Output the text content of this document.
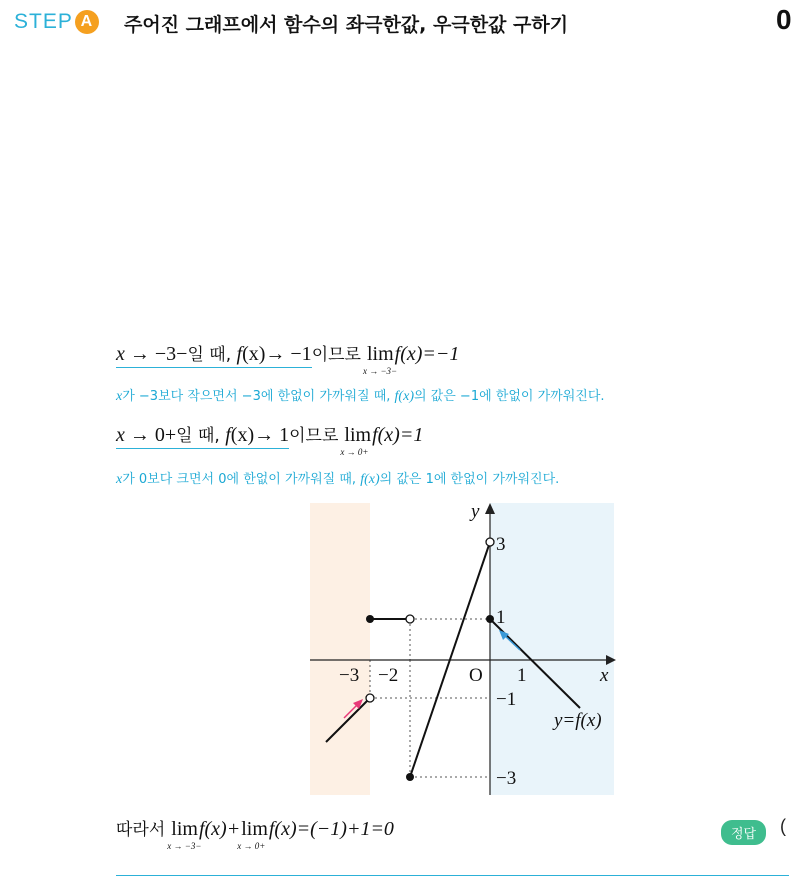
STEP A	주어진 그래프에서 함수의 좌극한값, 우극한값 구하기	0
x → −3−일 때, f(x)→ −1이므로 lim
x → −3−
f(x)=−1
x가 −3보다 작으면서 −3에 한없이 가까워질 때, f(x)의 값은 −1에 한없이 가까워진다.
x → 0+일 때, f(x)→ 1이므로 lim
x → 0+
f(x)=1
x가 0보다 크면서 0에 한없이 가까워질 때, f(x)의 값은 1에 한없이 가까워진다.
y
x
O
−3 −2	1
3
1
−1
−3
y=f(x)
따라서 lim
x → −3−
f(x)+ lim
x → 0+
f(x)=(−1)+1=0	정답	(
